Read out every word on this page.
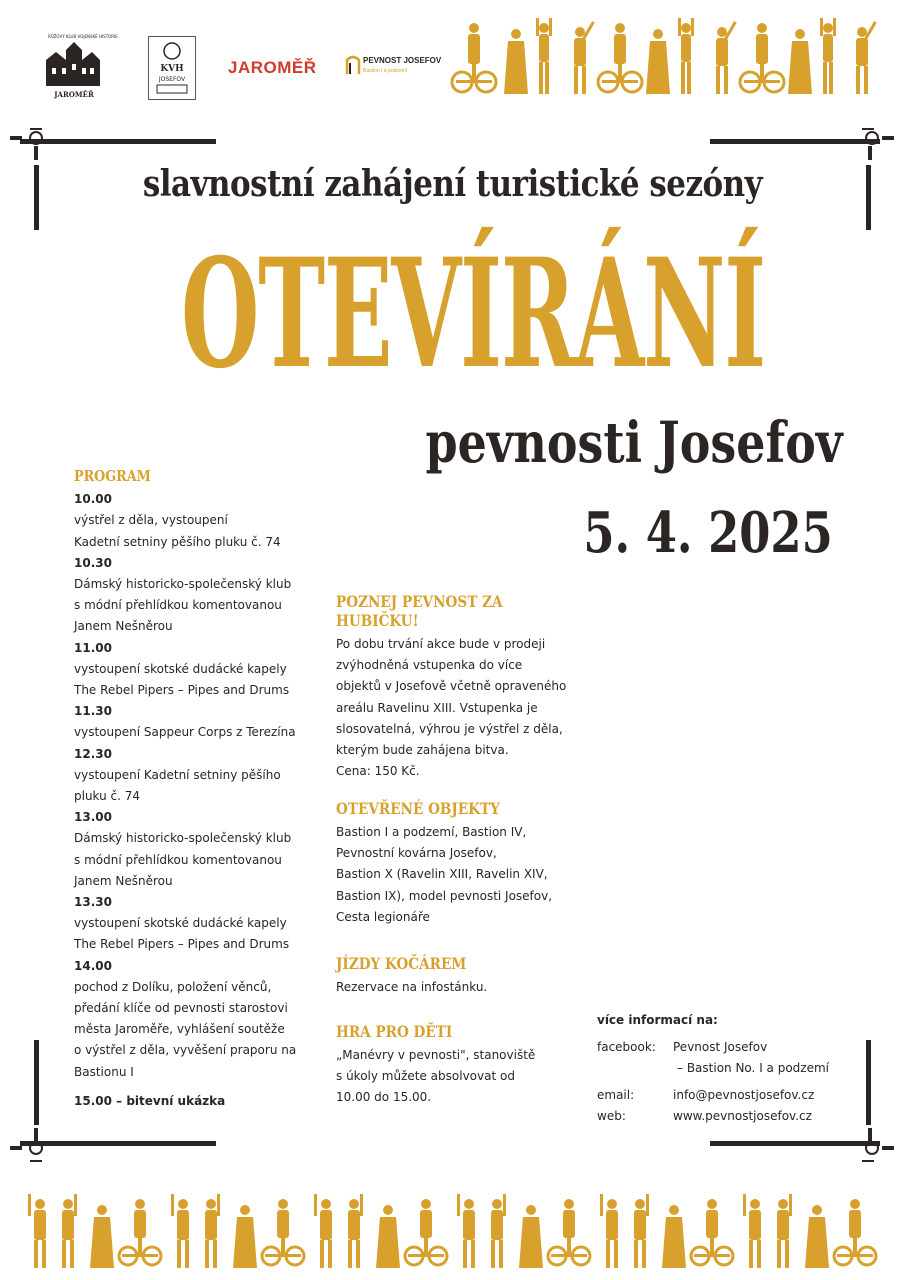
RŮŽOVÝ KLUB VOJENSKÉ HISTORIE
JAROMĚŘ
KVH
JOSEFOV
JAROMĚŘ	PEVNOST JOSEFOV
Bastion I a podzemí
slavnostní zahájení turistické sezóny
OTEVÍRÁNÍ
pevnosti Josefov
5. 4. 2025
PROGRAM
10.00
výstřel z děla, vystoupení
Kadetní setniny pěšího pluku č. 74
10.30
Dámský historicko-společenský klub
s módní přehlídkou komentovanou
Janem Nešněrou
11.00
vystoupení skotské dudácké kapely
The Rebel Pipers – Pipes and Drums
11.30
vystoupení Sappeur Corps z Terezína
12.30
vystoupení Kadetní setniny pěšího
pluku č. 74
13.00
Dámský historicko-společenský klub
s módní přehlídkou komentovanou
Janem Nešněrou
13.30
vystoupení skotské dudácké kapely
The Rebel Pipers – Pipes and Drums
14.00
pochod z Dolíku, položení věnců,
předání klíče od pevnosti starostovi
města Jaroměře, vyhlášení soutěže
o výstřel z děla, vyvěšení praporu na
Bastionu I
15.00 – bitevní ukázka
POZNEJ PEVNOST ZA HUBIČKU!
Po dobu trvání akce bude v prodeji
zvýhodněná vstupenka do více
objektů v Josefově včetně opraveného
areálu Ravelinu XIII. Vstupenka je
slosovatelná, výhrou je výstřel z děla,
kterým bude zahájena bitva.
Cena: 150 Kč.
OTEVŘENÉ OBJEKTY
Bastion I a podzemí, Bastion IV,
Pevnostní kovárna Josefov,
Bastion X (Ravelin XIII, Ravelin XIV,
Bastion IX), model pevnosti Josefov,
Cesta legionáře
JÍZDY KOČÁREM
Rezervace na infostánku.
HRA PRO DĚTI
„Manévry v pevnosti", stanoviště
s úkoly můžete absolvovat od
10.00 do 15.00.
více informací na:
facebook: Pevnost Josefov
– Bastion No. I a podzemí
email:	info@pevnostjosefov.cz
web:	www.pevnostjosefov.cz
